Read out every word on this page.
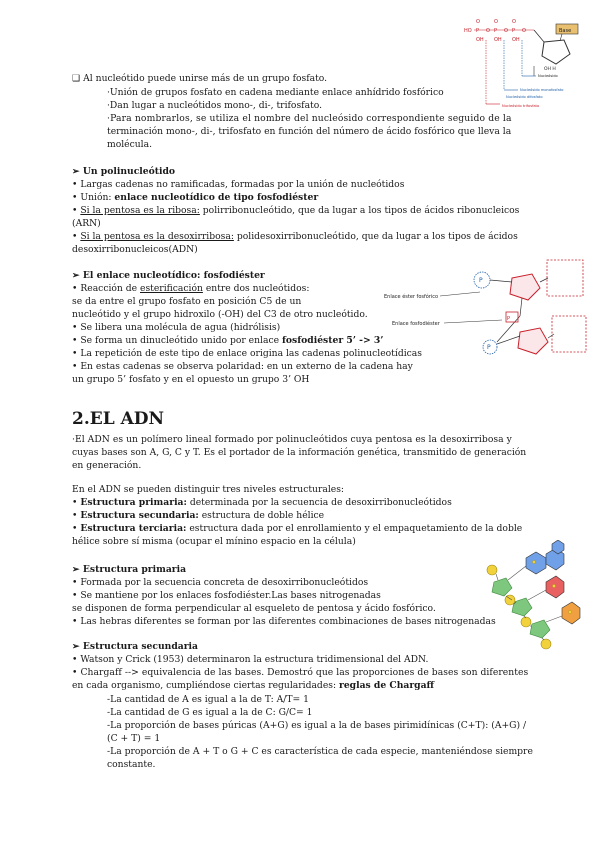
HO P
O
OH
O P
O
OH
O P
O
OH
O	Base
OH H
Nucleósido
Nucleósido monofosfato
Nucleósido difosfato
Nucleósido trifosfato
❑ Al nucleótido puede unirse más de un grupo fosfato.
·Unión de grupos fosfato en cadena mediante enlace anhídrido fosfórico
·Dan lugar a nucleótidos mono-, di-, trifosfato.
·Para nombrarlos, se utiliza el nombre del nucleósido correspondiente seguido de la
terminación mono-, di-, trifosfato en función del número de ácido fosfórico que lleva la
molécula.
➢ Un polinucleótido
• Largas cadenas no ramificadas, formadas por la unión de nucleótidos
• Unión: enlace nucleotídico de tipo fosfodiéster
• Si la pentosa es la ribosa: polirribonucleótido, que da lugar a los tipos de ácidos ribonucleicos
(ARN)
• Si la pentosa es la desoxirribosa: polidesoxirribonucleótido, que da lugar a los tipos de ácidos
desoxirribonucleicos(ADN)
➢ El enlace nucleotídico: fosfodiéster
• Reacción de esterificación entre dos nucleótidos:
se da entre el grupo fosfato en posición C5 de un
nucleótido y el grupo hidroxilo (-OH) del C3 de otro nucleótido.
• Se libera una molécula de agua (hidrólisis)
• Se forma un dinucleótido unido por enlace fosfodiéster 5’ -> 3’
• La repetición de este tipo de enlace origina las cadenas polinucleotídicas
• En estas cadenas se observa polaridad: en un externo de la cadena hay
un grupo 5’ fosfato y en el opuesto un grupo 3’ OH
Enlace éster fosfórico
Enlace fosfodiéster
P
P
P
2.EL ADN
·El ADN es un polímero lineal formado por polinucleótidos cuya pentosa es la desoxirribosa y
cuyas bases son A, G, C y T. Es el portador de la información genética, transmitido de generación
en generación.
En el ADN se pueden distinguir tres niveles estructurales:
• Estructura primaria: determinada por la secuencia de desoxirribonucleótidos
• Estructura secundaria: estructura de doble hélice
• Estructura terciaria: estructura dada por el enrollamiento y el empaquetamiento de la doble
hélice sobre sí misma (ocupar el mínino espacio en la célula)
➢ Estructura primaria
• Formada por la secuencia concreta de desoxirribonucleótidos
• Se mantiene por los enlaces fosfodiéster.Las bases nitrogenadas
se disponen de forma perpendicular al esqueleto de pentosa y ácido fosfórico.
• Las hebras diferentes se forman por las diferentes combinaciones de bases nitrogenadas
➢ Estructura secundaria
• Watson y Crick (1953) determinaron la estructura tridimensional del ADN.
• Chargaff --> equivalencia de las bases. Demostró que las proporciones de bases son diferentes
en cada organismo, cumpliéndose ciertas regularidades: reglas de Chargaff
-La cantidad de A es igual a la de T: A/T= 1
-La cantidad de G es igual a la de C: G/C= 1
-La proporción de bases púricas (A+G) es igual a la de bases pirimidínicas (C+T): (A+G) /
(C + T) = 1
-La proporción de A + T o G + C es característica de cada especie, manteniéndose siempre
constante.
